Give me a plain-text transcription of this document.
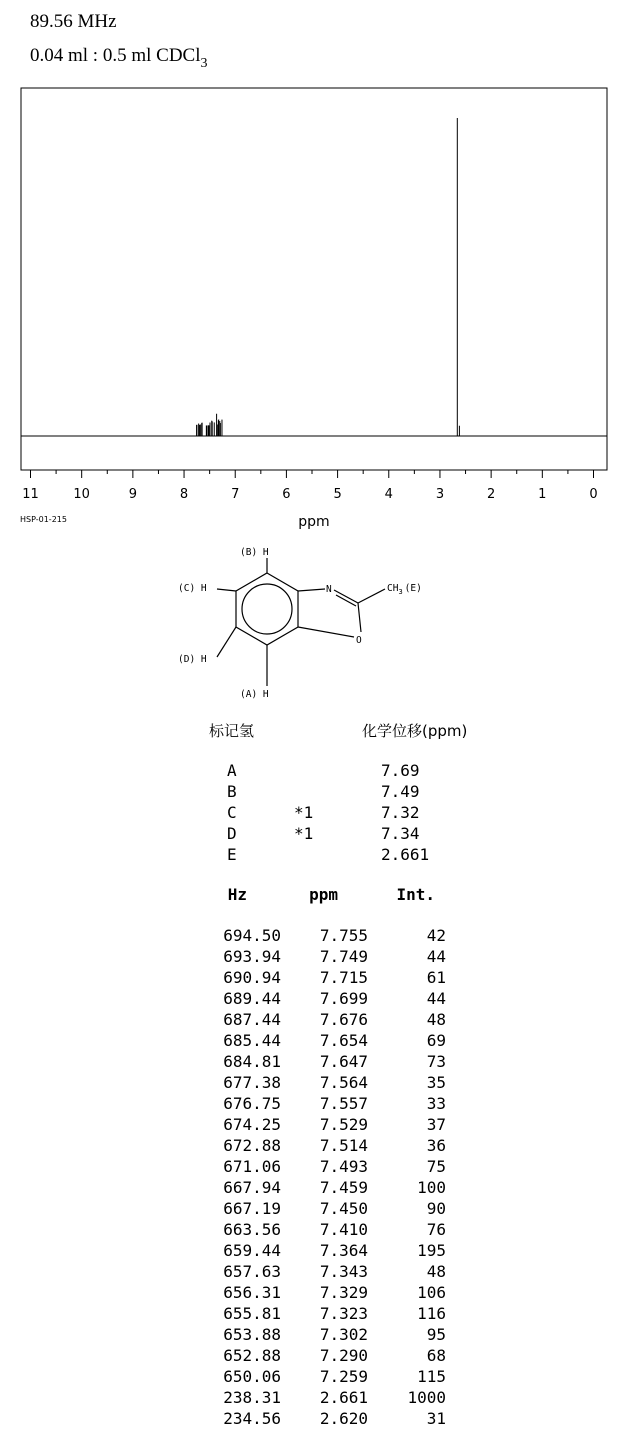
89.56 MHz
0.04 ml : 0.5 ml CDCl$_3$
11	10	9	8	7	6	5	4	3	2	1	0
ppm
HSP-01-215
(B) H
(C) H
(D) H
(A) H
N
O
$CH_3$ (E)
标记氢	化学位移(ppm)
A	7.69
B	7.49
C	*1	7.32
D	*1	7.34
E	2.661
Hz	ppm	Int.
694.50	7.755	42
693.94	7.749	44
690.94	7.715	61
689.44	7.699	44
687.44	7.676	48
685.44	7.654	69
684.81	7.647	73
677.38	7.564	35
676.75	7.557	33
674.25	7.529	37
672.88	7.514	36
671.06	7.493	75
667.94	7.459	100
667.19	7.450	90
663.56	7.410	76
659.44	7.364	195
657.63	7.343	48
656.31	7.329	106
655.81	7.323	116
653.88	7.302	95
652.88	7.290	68
650.06	7.259	115
238.31	2.661	1000
234.56	2.620	31
